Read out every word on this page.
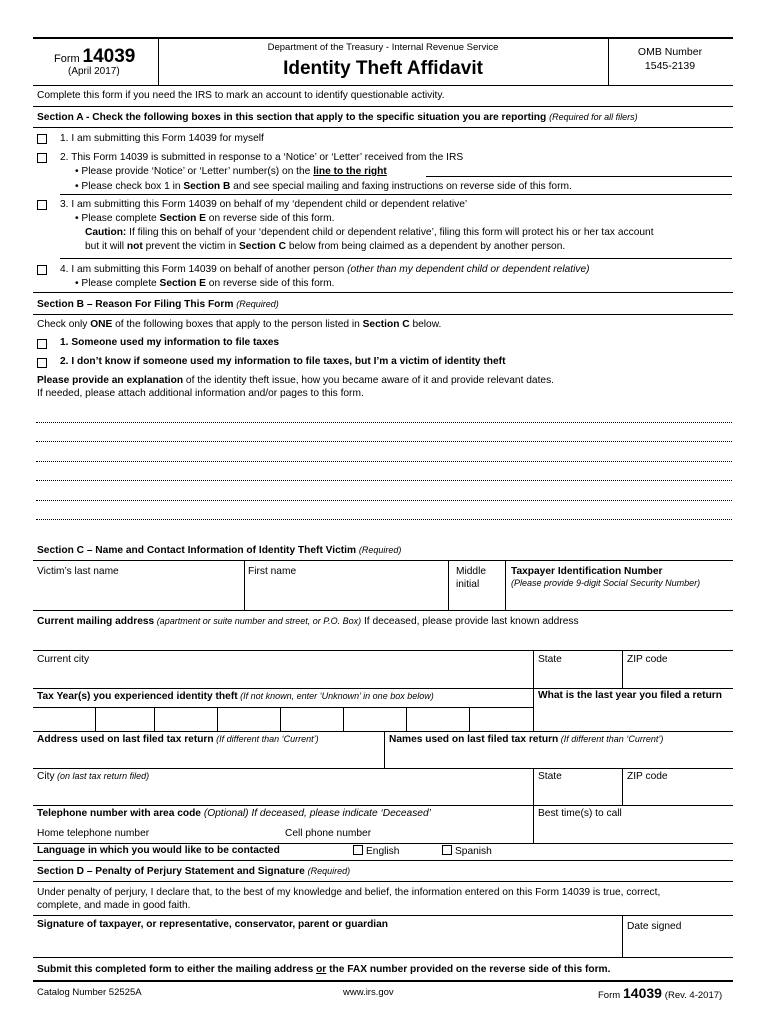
Form 14039
(April 2017)
Department of the Treasury - Internal Revenue Service
Identity Theft Affidavit
OMB Number
1545-2139
Complete this form if you need the IRS to mark an account to identify questionable activity.
Section A - Check the following boxes in this section that apply to the specific situation you are reporting (Required for all filers)
1. I am submitting this Form 14039 for myself
2. This Form 14039 is submitted in response to a ‘Notice’ or ‘Letter’ received from the IRS
• Please provide ‘Notice’ or ‘Letter’ number(s) on the line to the right
• Please check box 1 in Section B and see special mailing and faxing instructions on reverse side of this form.
3. I am submitting this Form 14039 on behalf of my ‘dependent child or dependent relative’
• Please complete Section E on reverse side of this form.
Caution: If filing this on behalf of your ‘dependent child or dependent relative’, filing this form will protect his or her tax account
but it will not prevent the victim in Section C below from being claimed as a dependent by another person.
4. I am submitting this Form 14039 on behalf of another person (other than my dependent child or dependent relative)
• Please complete Section E on reverse side of this form.
Section B – Reason For Filing This Form (Required)
Check only ONE of the following boxes that apply to the person listed in Section C below.
1. Someone used my information to file taxes
2. I don’t know if someone used my information to file taxes, but I’m a victim of identity theft
Please provide an explanation of the identity theft issue, how you became aware of it and provide relevant dates.
If needed, please attach additional information and/or pages to this form.
Section C – Name and Contact Information of Identity Theft Victim (Required)
Victim’s last name	First name	Middle
initial
Taxpayer Identification Number
(Please provide 9-digit Social Security Number)
Current mailing address (apartment or suite number and street, or P.O. Box) If deceased, please provide last known address
Current city	State	ZIP code
Tax Year(s) you experienced identity theft (If not known, enter ‘Unknown’ in one box below)	What is the last year you filed a return
Address used on last filed tax return (If different than ‘Current’)	Names used on last filed tax return (If different than ‘Current’)
City (on last tax return filed)	State	ZIP code
Telephone number with area code (Optional) If deceased, please indicate ‘Deceased’	Best time(s) to call
Home telephone number	Cell phone number
Language in which you would like to be contacted	English	Spanish
Section D – Penalty of Perjury Statement and Signature (Required)
Under penalty of perjury, I declare that, to the best of my knowledge and belief, the information entered on this Form 14039 is true, correct,
complete, and made in good faith.
Signature of taxpayer, or representative, conservator, parent or guardian	Date signed
Submit this completed form to either the mailing address or the FAX number provided on the reverse side of this form.
Catalog Number 52525A	www.irs.gov	Form 14039 (Rev. 4-2017)
